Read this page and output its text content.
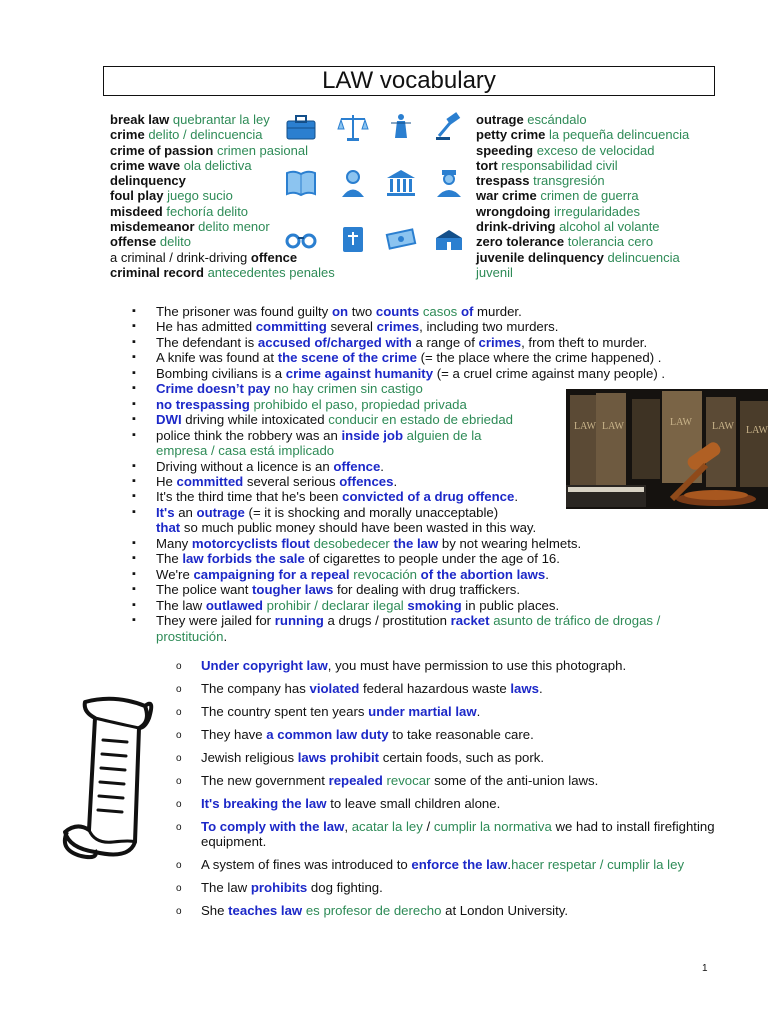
LAW vocabulary
break law quebrantar la ley
crime delito / delincuencia
crime of passion crimen pasional
crime wave ola delictiva
delinquency
foul play juego sucio
misdeed fechoría delito
misdemeanor delito menor
offense delito
a criminal / drink-driving offence
criminal record antecedentes penales
outrage escándalo
petty crime la pequeña delincuencia
speeding exceso de velocidad
tort responsabilidad civil
trespass transgresión
war crime crimen de guerra
wrongdoing irregularidades
drink-driving alcohol al volante
zero tolerance tolerancia cero
juvenile delinquency delincuencia
juvenil
▪ The prisoner was found guilty on two counts casos of murder.
▪ He has admitted committing several crimes, including two murders.
▪ The defendant is accused of/charged with a range of crimes, from theft to murder.
▪ A knife was found at the scene of the crime (= the place where the crime happened) .
▪ Bombing civilians is a crime against humanity (= a cruel crime against many people) .
▪ Crime doesn’t pay no hay crimen sin castigo
▪ no trespassing prohibido el paso, propiedad privada
▪ DWI driving while intoxicated conducir en estado de ebriedad
▪ police think the robbery was an inside job alguien de la
empresa / casa está implicado
▪ Driving without a licence is an offence.
▪ He committed several serious offences.
▪ It's the third time that he's been convicted of a drug offence.
▪ It's an outrage (= it is shocking and morally unacceptable)
that so much public money should have been wasted in this way.
▪ Many motorcyclists flout desobedecer the law by not wearing helmets.
▪ The law forbids the sale of cigarettes to people under the age of 16.
▪ We're campaigning for a repeal revocación of the abortion laws.
▪ The police want tougher laws for dealing with drug traffickers.
▪ The law outlawed prohibir / declarar ilegal smoking in public places.
▪ They were jailed for running a drugs / prostitution racket asunto de tráfico de drogas /
prostitución.
LAW LAW	LAW LAW LAW
o Under copyright law, you must have permission to use this photograph.
o The company has violated federal hazardous waste laws.
o The country spent ten years under martial law.
o They have a common law duty to take reasonable care.
o Jewish religious laws prohibit certain foods, such as pork.
o The new government repealed revocar some of the anti-union laws.
o It's breaking the law to leave small children alone.
o To comply with the law, acatar la ley / cumplir la normativa we had to install firefighting equipment.
o A system of fines was introduced to enforce the law.hacer respetar / cumplir la ley
o The law prohibits dog fighting.
o She teaches law es profesor de derecho at London University.
1
